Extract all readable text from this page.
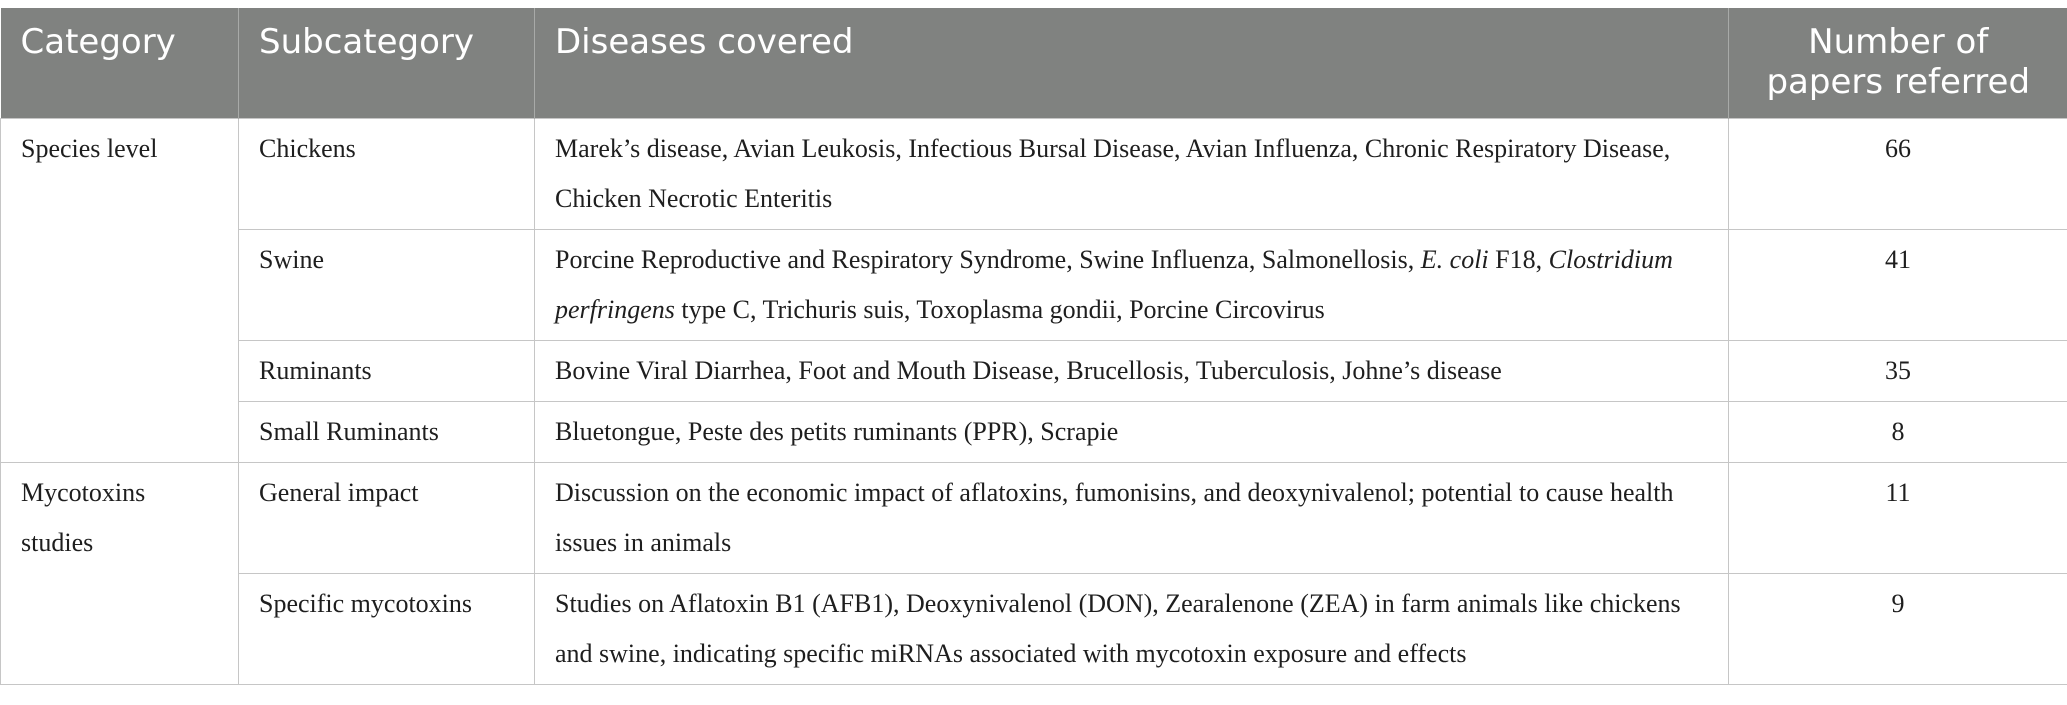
Category	Subcategory	Diseases covered	Number of
papers referred
Species level	Chickens	Marek’s disease, Avian Leukosis, Infectious Bursal Disease, Avian Influenza, Chronic Respiratory Disease, Chicken Necrotic Enteritis	66
	Swine	Porcine Reproductive and Respiratory Syndrome, Swine Influenza, Salmonellosis, E. coli F18, Clostridium perfringens type C, Trichuris suis, Toxoplasma gondii, Porcine Circovirus	41
	Ruminants	Bovine Viral Diarrhea, Foot and Mouth Disease, Brucellosis, Tuberculosis, Johne’s disease	35
	Small Ruminants	Bluetongue, Peste des petits ruminants (PPR), Scrapie	8
Mycotoxins studies	General impact	Discussion on the economic impact of aflatoxins, fumonisins, and deoxynivalenol; potential to cause health issues in animals	11
	Specific mycotoxins	Studies on Aflatoxin B1 (AFB1), Deoxynivalenol (DON), Zearalenone (ZEA) in farm animals like chickens and swine, indicating specific miRNAs associated with mycotoxin exposure and effects	9
